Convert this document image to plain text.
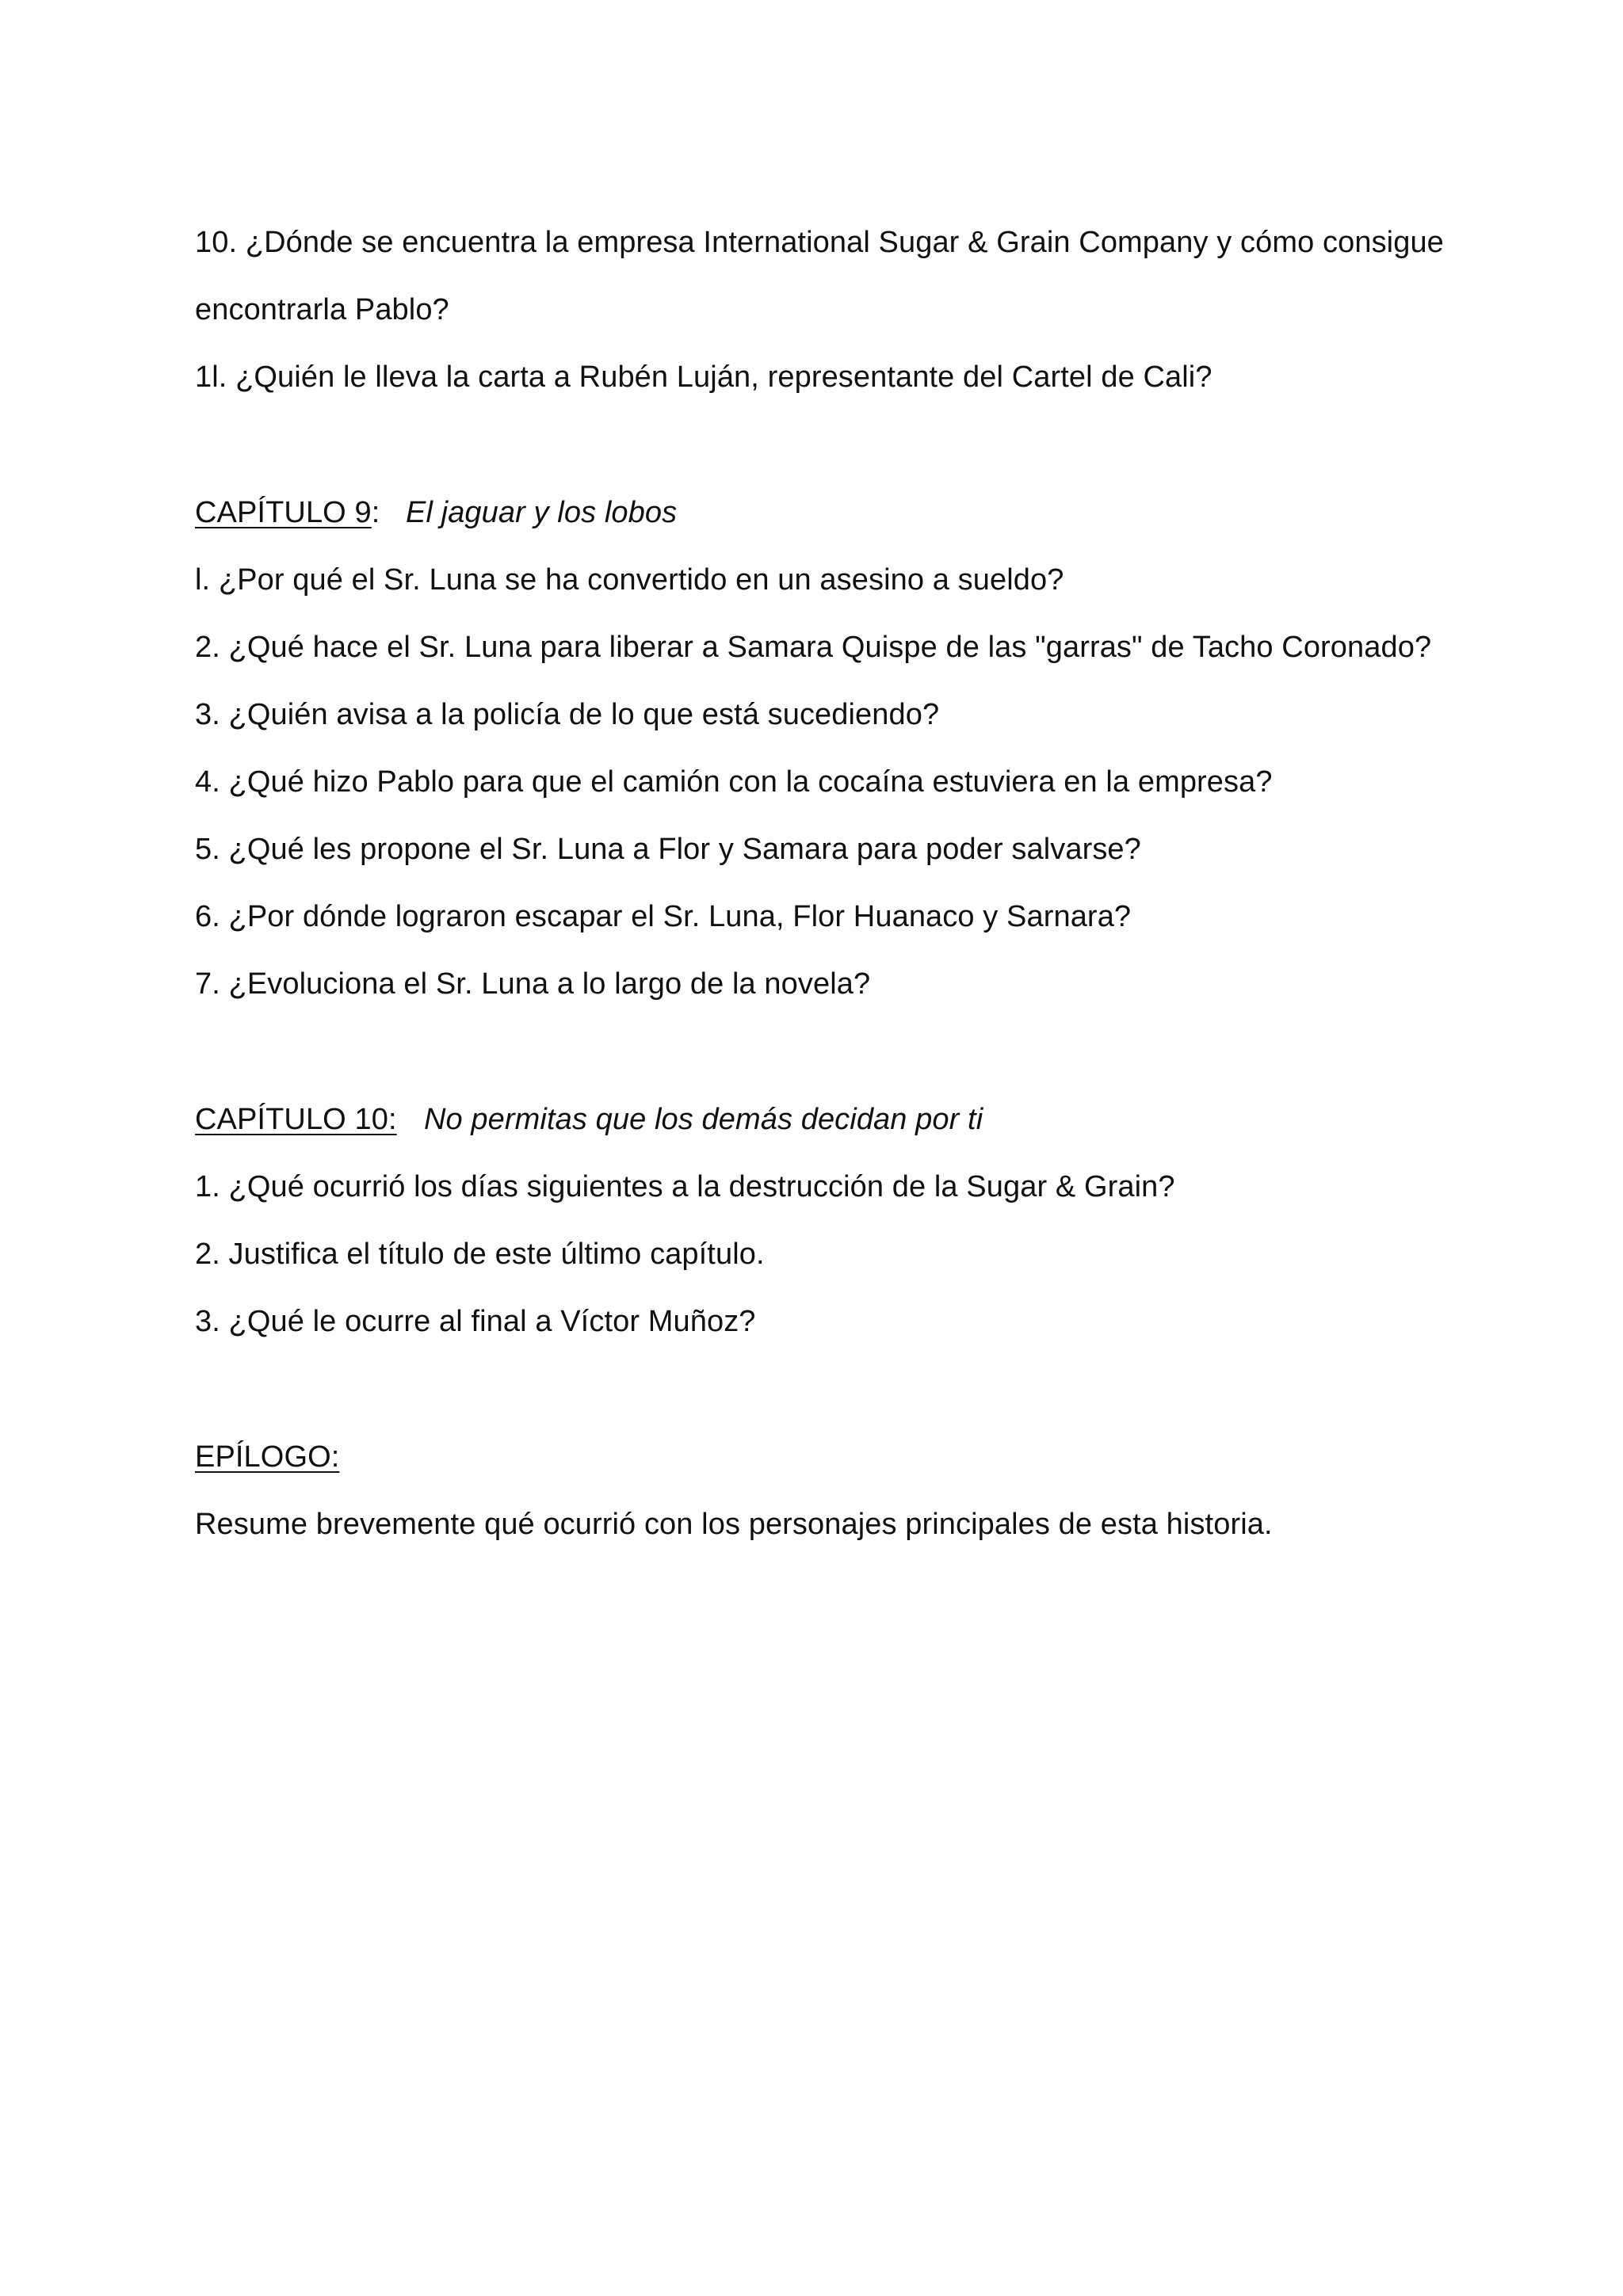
10. ¿Dónde se encuentra la empresa International Sugar & Grain Company y cómo consigue
encontrarla Pablo?
1l. ¿Quién le lleva la carta a Rubén Luján, representante del Cartel de Cali?
CAPÍTULO 9: El jaguar y los lobos
l. ¿Por qué el Sr. Luna se ha convertido en un asesino a sueldo?
2. ¿Qué hace el Sr. Luna para liberar a Samara Quispe de las "garras" de Tacho Coronado?
3. ¿Quién avisa a la policía de lo que está sucediendo?
4. ¿Qué hizo Pablo para que el camión con la cocaína estuviera en la empresa?
5. ¿Qué les propone el Sr. Luna a Flor y Samara para poder salvarse?
6. ¿Por dónde lograron escapar el Sr. Luna, Flor Huanaco y Sarnara?
7. ¿Evoluciona el Sr. Luna a lo largo de la novela?
CAPÍTULO 10: No permitas que los demás decidan por ti
1. ¿Qué ocurrió los días siguientes a la destrucción de la Sugar & Grain?
2. Justifica el título de este último capítulo.
3. ¿Qué le ocurre al final a Víctor Muñoz?
EPÍLOGO:
Resume brevemente qué ocurrió con los personajes principales de esta historia.
